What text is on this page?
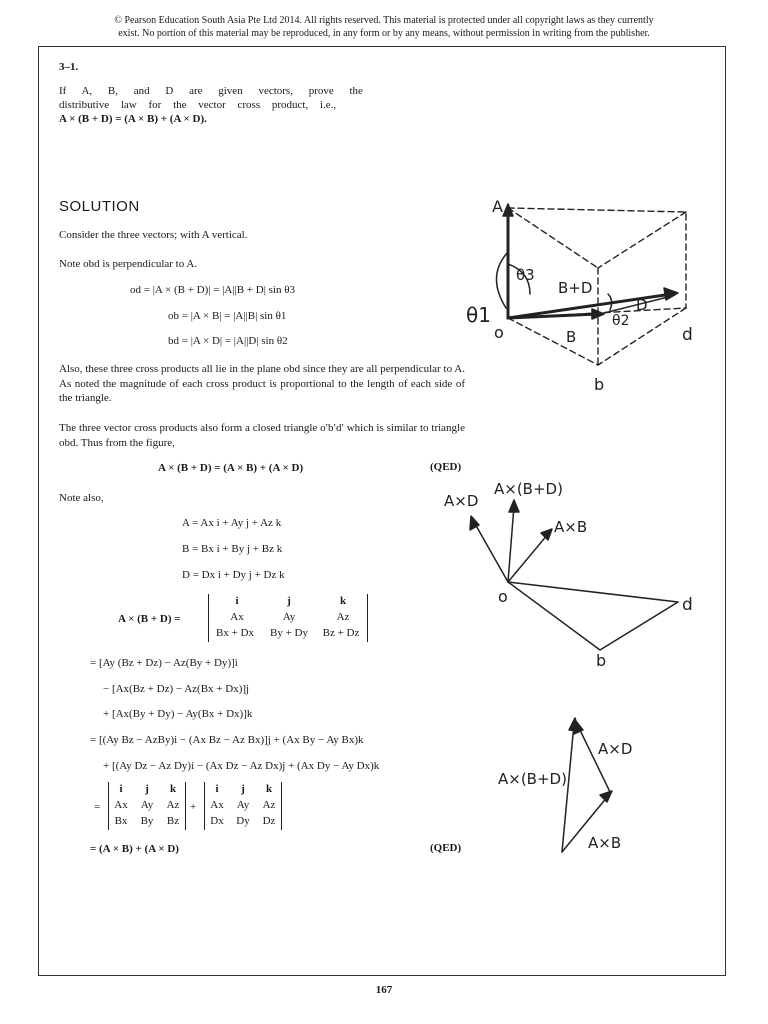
© Pearson Education South Asia Pte Ltd 2014. All rights reserved. This material is protected under all copyright laws as they currently
exist. No portion of this material may be reproduced, in any form or by any means, without permission in writing from the publisher.
3–1.
If A, B, and D are given vectors, prove the
distributive law for the vector cross product, i.e.,
A × (B + D) = (A × B) + (A × D).
SOLUTION
Consider the three vectors; with A vertical.
Note obd is perpendicular to A.
od = |A × (B + D)| = |A||B + D| sin θ3
ob = |A × B| = |A||B| sin θ1
bd = |A × D| = |A||D| sin θ2
Also, these three cross products all lie in the plane obd since they are all perpendicular to A. As noted the magnitude of each cross product is proportional to the length of each side of the triangle.
The three vector cross products also form a closed triangle o′b′d′ which is similar to triangle obd. Thus from the figure,
A × (B + D) = (A × B) + (A × D)	(QED)
Note also,
A = Ax i + Ay j + Az k
B = Bx i + By j + Bz k
D = Dx i + Dy j + Dz k
A × (B + D) =
i	j	k
Ax	Ay	Az
Bx + Dx	By + Dy	Bz + Dz
= [Ay (Bz + Dz) − Az(By + Dy)]i
− [Ax(Bz + Dz) − Az(Bx + Dx)]j
+ [Ax(By + Dy) − Ay(Bx + Dx)]k
= [(Ay Bz − AzBy)i − (Ax Bz − Az Bx)]j + (Ax By − Ay Bx)k
+ [(Ay Dz − Az Dy)i − (Ax Dz − Az Dx)j + (Ax Dy − Ay Dx)k
=
i	j	k
Ax	Ay	Az
Bx	By	Bz
+
i	j	k
Ax	Ay	Az
Dx Dy	Dz
= (A × B) + (A × D)	(QED)
A
B+D
B
D
o
b
d
θ1
θ3
θ2
A×D
A×(B+D)
A×B
o
b
d
A×(B+D)
A×D
A×B
167
